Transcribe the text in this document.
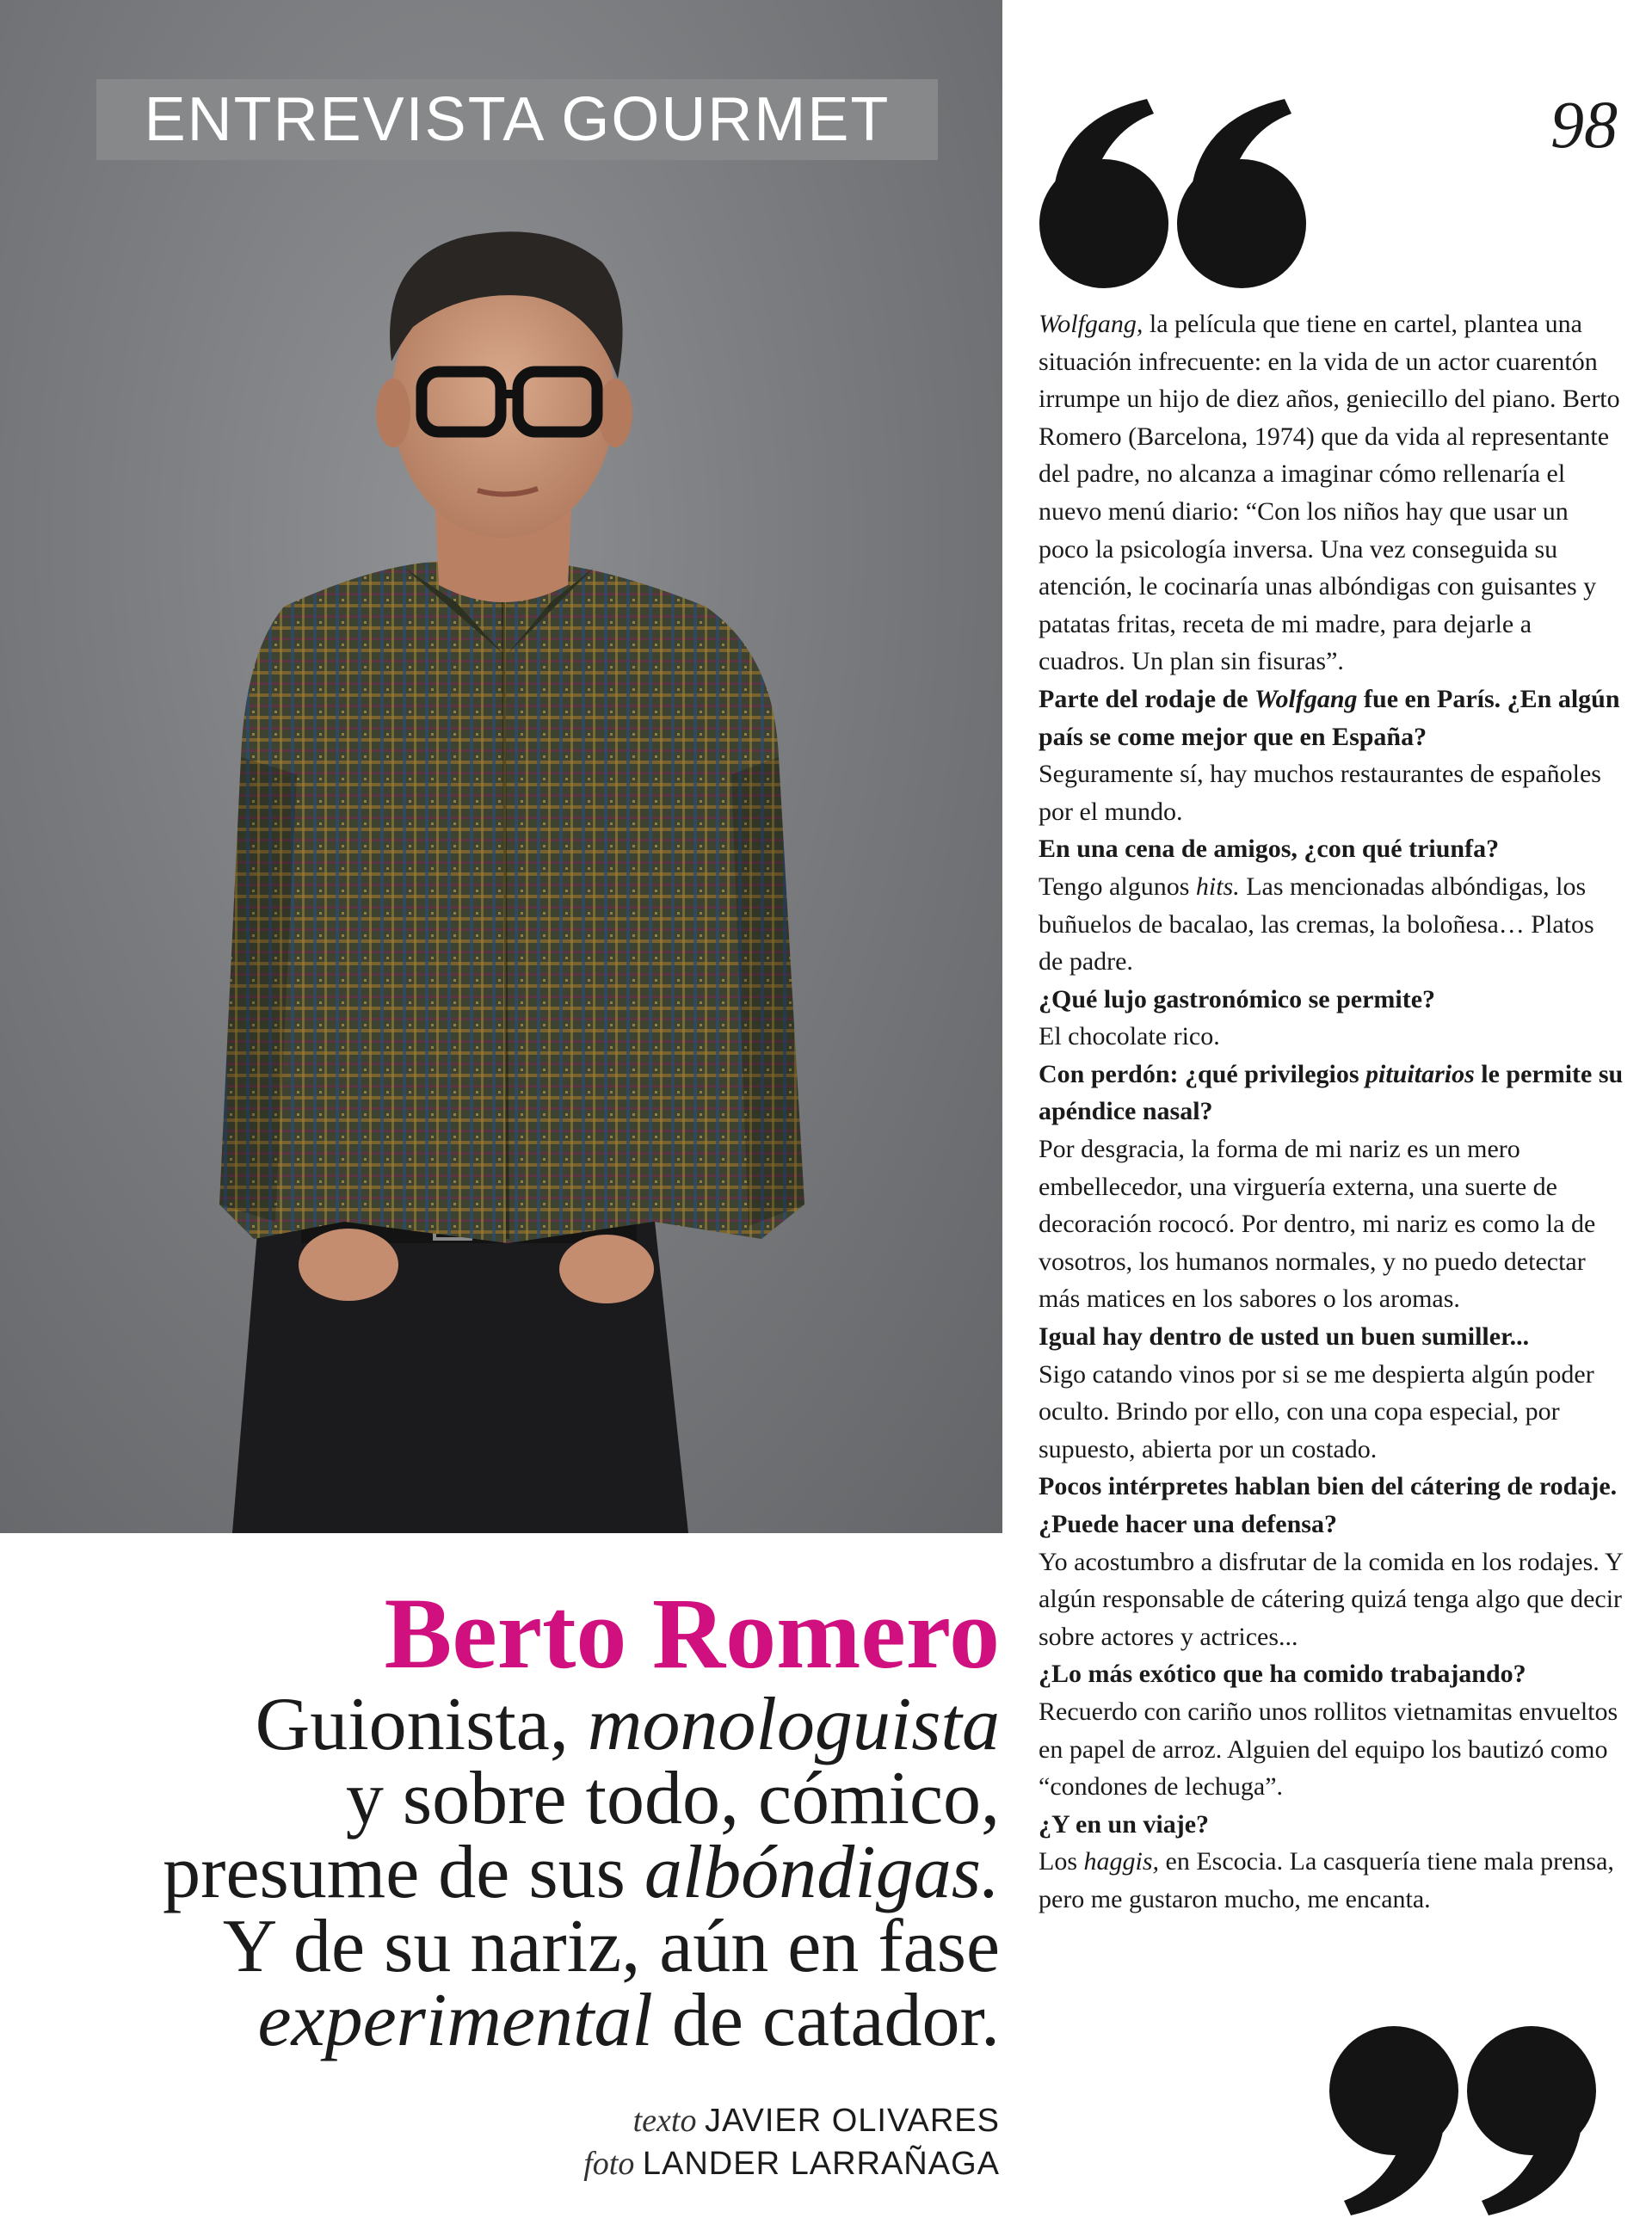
ENTREVISTA GOURMET	98

Wolfgang, la película que tiene en cartel, plantea una situación infrecuente: en la vida de un actor cuarentón irrumpe un hijo de diez años, geniecillo del piano. Berto Romero (Barcelona, 1974) que da vida al representante del padre, no alcanza a imaginar cómo rellenaría el nuevo menú diario: “Con los niños hay que usar un poco la psicología inversa. Una vez conseguida su atención, le cocinaría unas albóndigas con guisantes y patatas fritas, receta de mi madre, para dejarle a cuadros. Un plan sin fisuras”.

Parte del rodaje de Wolfgang fue en París. ¿En algún país se come mejor que en España?

Seguramente sí, hay muchos restaurantes de españoles por el mundo.

En una cena de amigos, ¿con qué triunfa?

Tengo algunos hits. Las mencionadas albóndigas, los buñuelos de bacalao, las cremas, la boloñesa… Platos de padre.

¿Qué lujo gastronómico se permite?

El chocolate rico.

Con perdón: ¿qué privilegios pituitarios le permite su apéndice nasal?

Por desgracia, la forma de mi nariz es un mero embellecedor, una virguería externa, una suerte de decoración rococó. Por dentro, mi nariz es como la de vosotros, los humanos normales, y no puedo detectar más matices en los sabores o los aromas.

Igual hay dentro de usted un buen sumiller...

Sigo catando vinos por si se me despierta algún poder oculto. Brindo por ello, con una copa especial, por supuesto, abierta por un costado.

Pocos intérpretes hablan bien del cátering de rodaje. ¿Puede hacer una defensa?

Yo acostumbro a disfrutar de la comida en los rodajes. Y algún responsable de cátering quizá tenga algo que decir sobre actores y actrices...

¿Lo más exótico que ha comido trabajando?

Recuerdo con cariño unos rollitos vietnamitas envueltos en papel de arroz. Alguien del equipo los bautizó como “condones de lechuga”.

¿Y en un viaje?

Los haggis, en Escocia. La casquería tiene mala prensa, pero me gustaron mucho, me encanta.

Berto Romero
Guionista, monologuista
y sobre todo, cómico,
presume de sus albóndigas.
Y de su nariz, aún en fase
experimental de catador.
texto JAVIER OLIVARES
foto LANDER LARRAÑAGA
